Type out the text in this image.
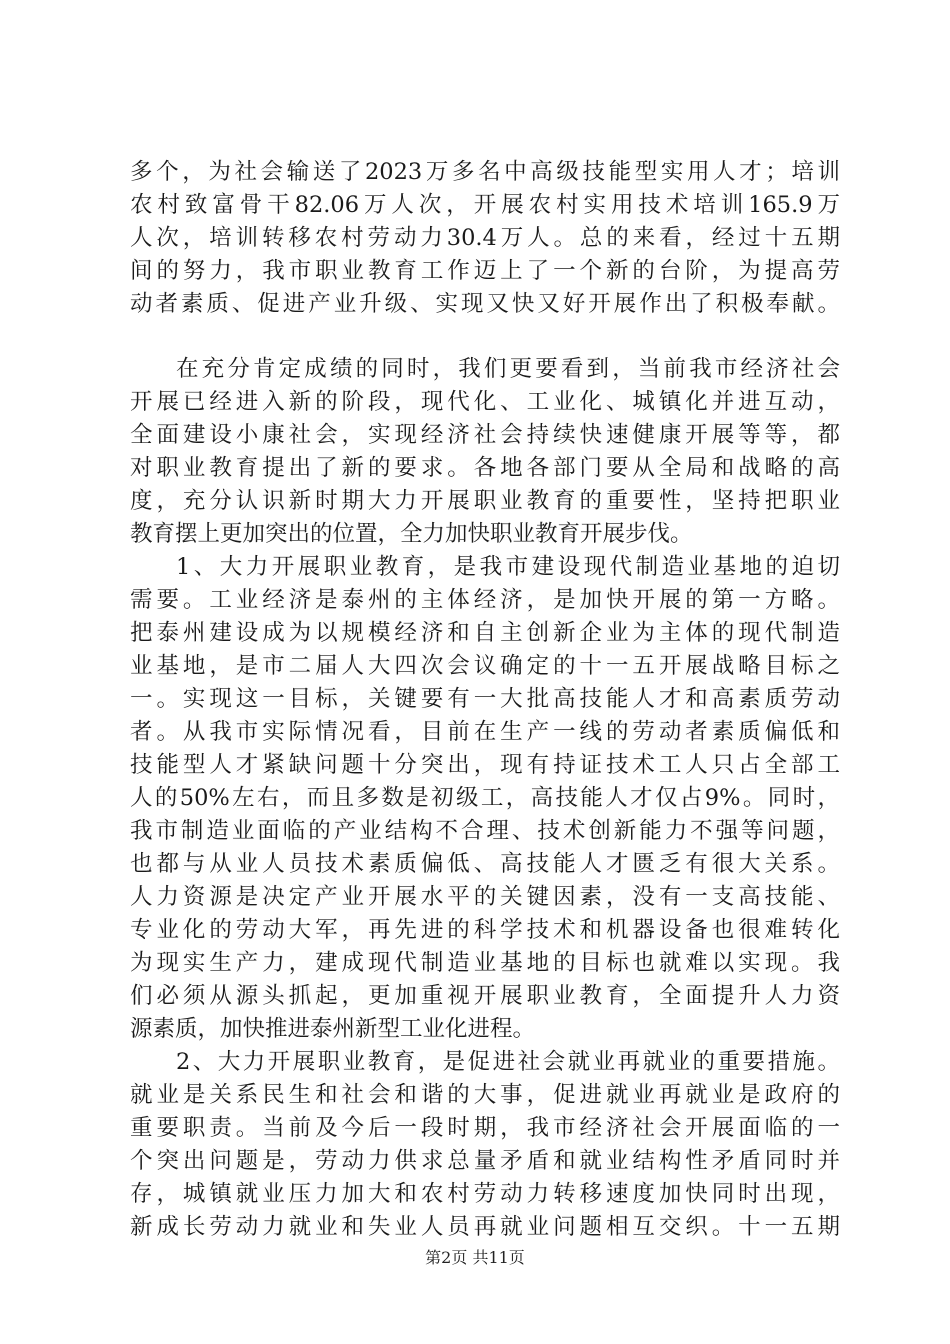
多个，为社会输送了2023万多名中高级技能型实用人才；培训
农村致富骨干82.06万人次，开展农村实用技术培训165.9万
人次，培训转移农村劳动力30.4万人。总的来看，经过十五期
间的努力，我市职业教育工作迈上了一个新的台阶，为提高劳
动者素质、促进产业升级、实现又快又好开展作出了积极奉献。
在充分肯定成绩的同时，我们更要看到，当前我市经济社会
开展已经进入新的阶段，现代化、工业化、城镇化并进互动，
全面建设小康社会，实现经济社会持续快速健康开展等等，都
对职业教育提出了新的要求。各地各部门要从全局和战略的高
度，充分认识新时期大力开展职业教育的重要性，坚持把职业
教育摆上更加突出的位置，全力加快职业教育开展步伐。
1、大力开展职业教育，是我市建设现代制造业基地的迫切
需要。工业经济是泰州的主体经济，是加快开展的第一方略。
把泰州建设成为以规模经济和自主创新企业为主体的现代制造
业基地，是市二届人大四次会议确定的十一五开展战略目标之
一。实现这一目标，关键要有一大批高技能人才和高素质劳动
者。从我市实际情况看，目前在生产一线的劳动者素质偏低和
技能型人才紧缺问题十分突出，现有持证技术工人只占全部工
人的50%左右，而且多数是初级工，高技能人才仅占9%。同时，
我市制造业面临的产业结构不合理、技术创新能力不强等问题，
也都与从业人员技术素质偏低、高技能人才匮乏有很大关系。
人力资源是决定产业开展水平的关键因素，没有一支高技能、
专业化的劳动大军，再先进的科学技术和机器设备也很难转化
为现实生产力，建成现代制造业基地的目标也就难以实现。我
们必须从源头抓起，更加重视开展职业教育，全面提升人力资
源素质，加快推进泰州新型工业化进程。
2、大力开展职业教育，是促进社会就业再就业的重要措施。
就业是关系民生和社会和谐的大事，促进就业再就业是政府的
重要职责。当前及今后一段时期，我市经济社会开展面临的一
个突出问题是，劳动力供求总量矛盾和就业结构性矛盾同时并
存，城镇就业压力加大和农村劳动力转移速度加快同时出现，
新成长劳动力就业和失业人员再就业问题相互交织。十一五期
第2页 共11页
